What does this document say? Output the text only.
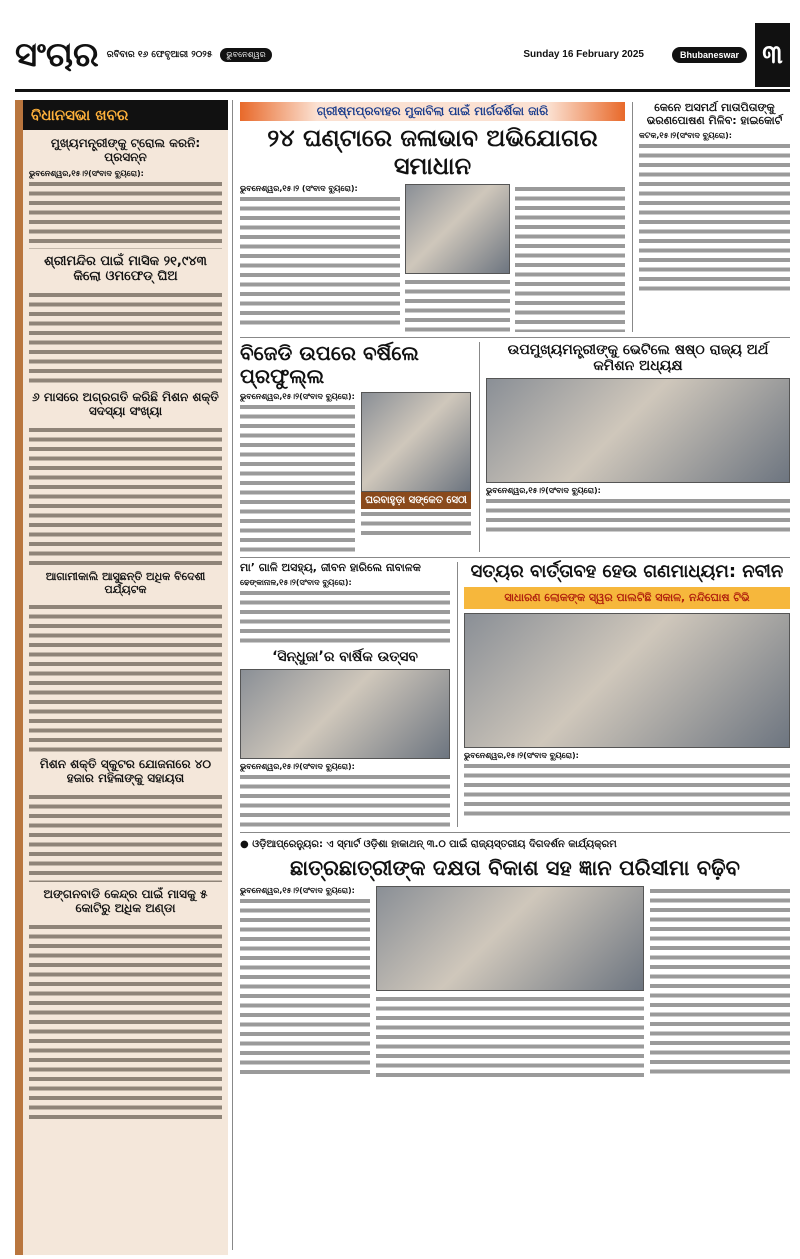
ସଂଚାର ରବିବାର ୧୬ ଫେବୃଆରୀ ୨୦୨୫	ଭୁବନେଶ୍ୱର	Sunday 16 February 2025	Bhubaneswar ୩
ବିଧାନସଭା ଖବର
ମୁଖ୍ୟମନ୍ତ୍ରୀଙ୍କୁ ଟ୍ରୋଲ କରନି: ପ୍ରସନ୍ନ
ଭୁବନେଶ୍ୱର,୧୫।୨(ସଂବାଦ ବ୍ୟୁରୋ):
ଶ୍ରୀମନ୍ଦିର ପାଇଁ ମାସିକ ୨୧,୯୪୩ କିଲୋ ଓମଫେଡ୍ ଘିଅ
୬ ମାସରେ ଅଗ୍ରଗତି କରିଛି ମିଶନ ଶକ୍ତି ସଦସ୍ୟା ସଂଖ୍ୟା
ଆଗାମୀକାଲି ଆସୁଛନ୍ତି ଅଧିକ ବିଦେଶୀ ପର୍ଯ୍ୟଟକ
ମିଶନ ଶକ୍ତି ସ୍କୁଟର ଯୋଜନାରେ ୪୦ ହଜାର ମହିଳାଙ୍କୁ ସହାୟତା
ଅଙ୍ଗନବାଡି କେନ୍ଦ୍ର ପାଇଁ ମାସକୁ ୫ କୋଟିରୁ ଅଧିକ ଅଣ୍ଡା
ଗ୍ରୀଷ୍ମପ୍ରବାହର ମୁକାବିଲା ପାଇଁ ମାର୍ଗଦର୍ଶିକା ଜାରି
୨୪ ଘଣ୍ଟାରେ ଜଳାଭାବ ଅଭିଯୋଗର ସମାଧାନ
ଭୁବନେଶ୍ୱର,୧୫।୨ (ସଂବାଦ ବ୍ୟୁରୋ):
କେନେ ଅସମର୍ଥ ମାତାପିତାଙ୍କୁ ଭରଣପୋଷଣ ମିଳିବ: ହାଇକୋର୍ଟ
କଟକ,୧୫।୨(ସଂବାଦ ବ୍ୟୁରୋ):
ବିଜେଡି ଉପରେ ବର୍ଷିଲେ ପ୍ରଫୁଲ୍ଲ
ଭୁବନେଶ୍ୱର,୧୫।୨(ସଂବାଦ ବ୍ୟୁରୋ):
ଘରବାହୁଡ଼ା ସଙ୍କେତ ସେଠୀ
ଉପମୁଖ୍ୟମନ୍ତ୍ରୀଙ୍କୁ ଭେଟିଲେ ଷଷ୍ଠ ରାଜ୍ୟ ଅର୍ଥ କମିଶନ ଅଧ୍ୟକ୍ଷ
ଭୁବନେଶ୍ୱର,୧୫।୨(ସଂବାଦ ବ୍ୟୁରୋ):
ମା’ ଗାଳି ଅସହ୍ୟ, ଜୀବନ ହାରିଲେ ନାବାଳକ
ଢେଙ୍କାନାଳ,୧୫।୨(ସଂବାଦ ବ୍ୟୁରୋ):
‘ସିନ୍ଧୁଜା’ର ବାର୍ଷିକ ଉତ୍ସବ
ଭୁବନେଶ୍ୱର,୧୫।୨(ସଂବାଦ ବ୍ୟୁରୋ):
ସତ୍ୟର ବାର୍ତ୍ତାବହ ହେଉ ଗଣମାଧ୍ୟମ: ନବୀନ
ସାଧାରଣ ଲୋକଙ୍କ ସ୍ୱର ପାଲଟିଛି ସକାଳ, ନନ୍ଦିଘୋଷ ଟିଭି
ଭୁବନେଶ୍ୱର,୧୫।୨(ସଂବାଦ ବ୍ୟୁରୋ):
● ଓଡ଼ିଆପ୍ରେନ୍ୟୁର: ଏ ସ୍ମାର୍ଟ ଓଡ଼ିଶା ହାକାଥନ୍ ୩.୦ ପାଇଁ ରାଜ୍ୟସ୍ତରୀୟ ଦିଗଦର୍ଶନ କାର୍ଯ୍ୟକ୍ରମ
ଛାତ୍ରଛାତ୍ରୀଙ୍କ ଦକ୍ଷତା ବିକାଶ ସହ ଜ୍ଞାନ ପରିସୀମା ବଢ଼ିବ
ଭୁବନେଶ୍ୱର,୧୫।୨(ସଂବାଦ ବ୍ୟୁରୋ):
